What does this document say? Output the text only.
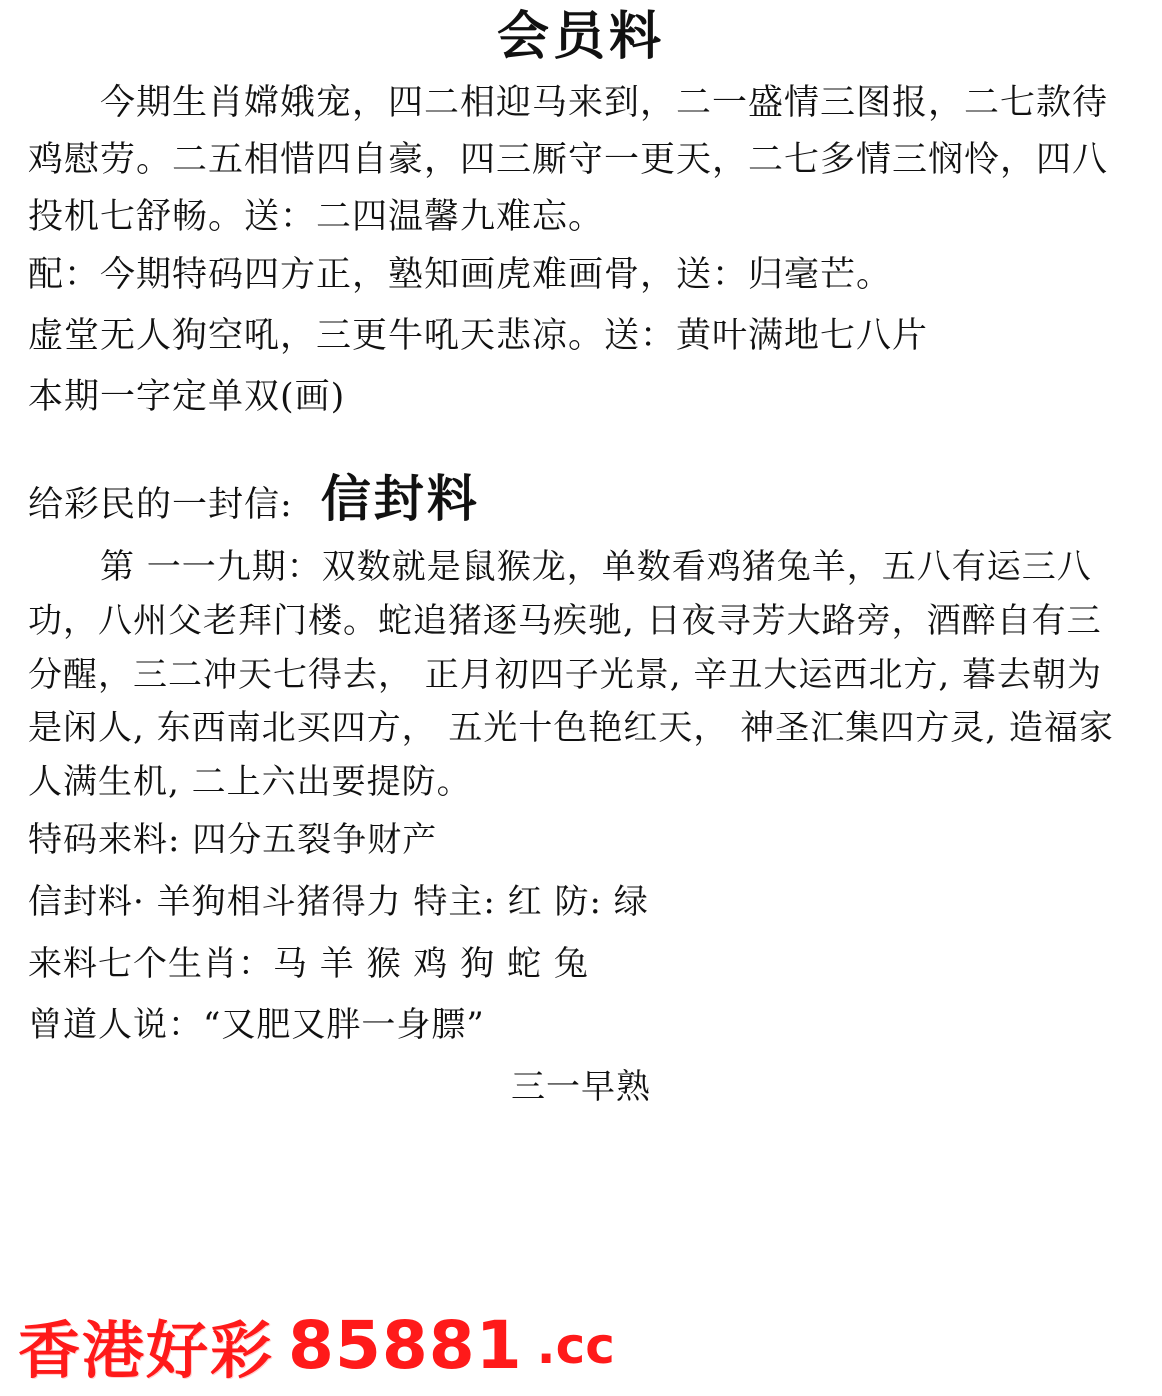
会员料

今期生肖嫦娥宠，四二相迎马来到，二一盛情三图报，二七款待鸡慰劳。二五相惜四自豪，四三厮守一更天，二七多情三悯怜，四八投机七舒畅。送：二四温馨九难忘。

配：今期特码四方正，塾知画虎难画骨，送：归毫芒。

虚堂无人狗空吼，三更牛吼天悲凉。送：黄叶满地七八片

本期一字定单双(画)

给彩民的一封信: 信封料

第 一一九期：双数就是鼠猴龙，单数看鸡猪兔羊，五八有运三八功，八州父老拜门楼。蛇追猪逐马疾驰, 日夜寻芳大路旁，酒醉自有三分醒，三二冲天七得去， 正月初四子光景, 辛丑大运西北方, 暮去朝为是闲人, 东西南北买四方， 五光十色艳红天， 神圣汇集四方灵, 造福家人满生机, 二上六出要提防。

特码来料: 四分五裂争财产

信封料· 羊狗相斗猪得力 特主: 红 防: 绿

来料七个生肖：马 羊 猴 鸡 狗 蛇 兔

曾道人说：“又肥又胖一身膘”

三一早熟

香港好彩 85881 .cc
